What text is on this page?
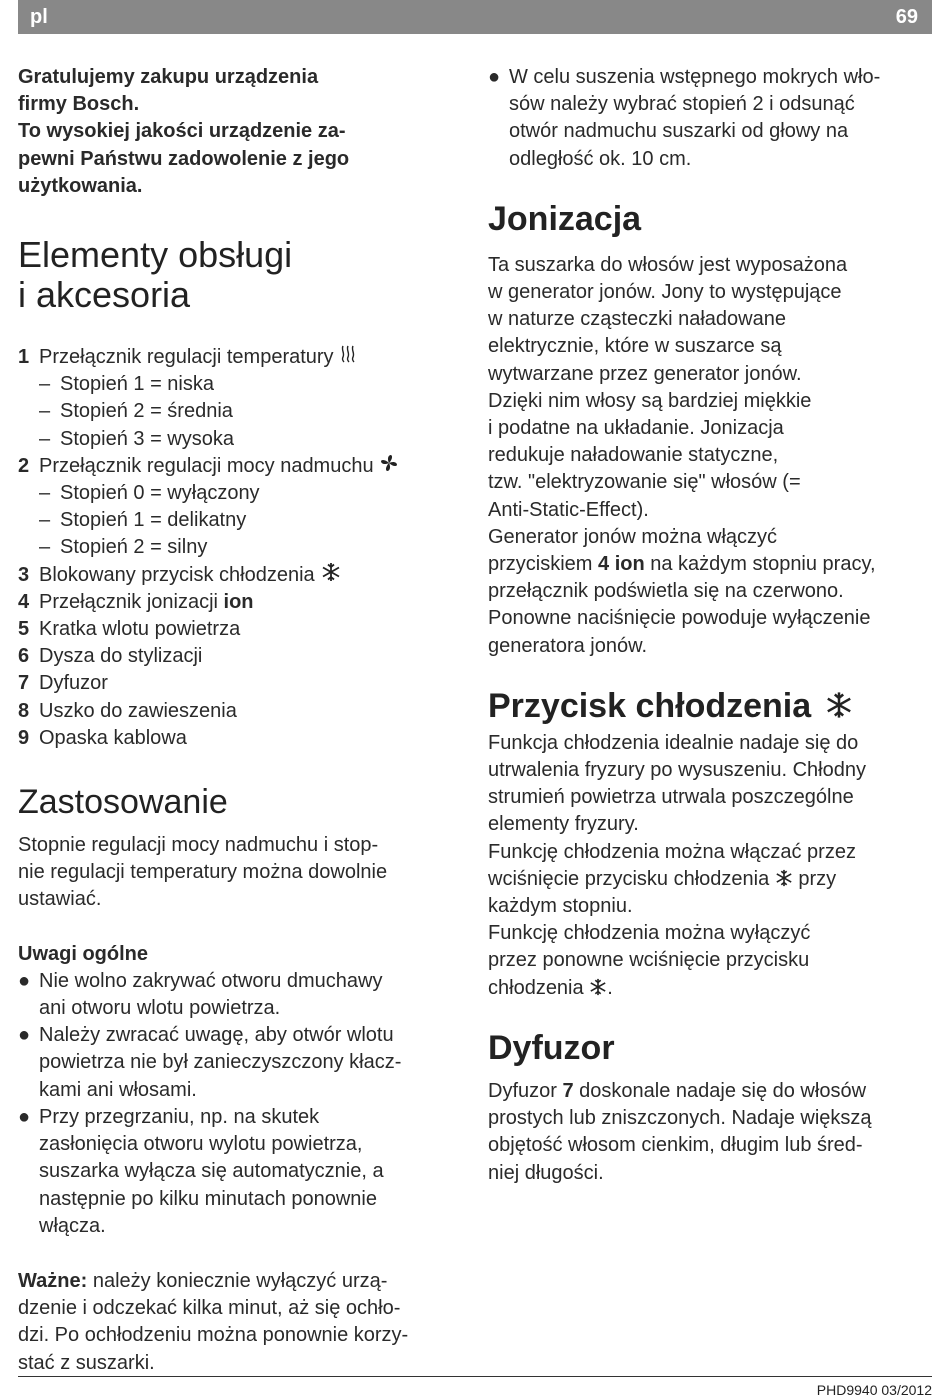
pl	69

Gratulujemy zakupu urządzenia

firmy Bosch.

To wysokiej jakości urządzenie za-

pewni Państwu zadowolenie z jego

użytkowania.

Elementy obsługi
i akcesoria
1 Przełącznik regulacji temperatury
– Stopień 1 = niska
– Stopień 2 = średnia
– Stopień 3 = wysoka
2 Przełącznik regulacji mocy nadmuchu
– Stopień 0 = wyłączony
– Stopień 1 = delikatny
– Stopień 2 = silny
3 Blokowany przycisk chłodzenia
4 Przełącznik jonizacji ion
5 Kratka wlotu powietrza
6 Dysza do stylizacji
7 Dyfuzor
8 Uszko do zawieszenia
9 Opaska kablowa
Zastosowanie

Stopnie regulacji mocy nadmuchu i stop-

nie regulacji temperatury można dowolnie

ustawiać.

Uwagi ogólne
● Nie wolno zakrywać otworu dmuchawy
ani otworu wlotu powietrza.
● Należy zwracać uwagę, aby otwór wlotu
powietrza nie był zanieczyszczony kłacz-
kami ani włosami.
● Przy przegrzaniu, np. na skutek
zasłonięcia otworu wylotu powietrza,
suszarka wyłącza się automatycznie, a
następnie po kilku minutach ponownie
włącza.

Ważne: należy koniecznie wyłączyć urzą-

dzenie i odczekać kilka minut, aż się ochło-

dzi. Po ochłodzeniu można ponownie korzy-

stać z suszarki.

● W celu suszenia wstępnego mokrych wło-
sów należy wybrać stopień 2 i odsunąć
otwór nadmuchu suszarki od głowy na
odległość ok. 10 cm.
Jonizacja

Ta suszarka do włosów jest wyposażona

w generator jonów. Jony to występujące

w naturze cząsteczki naładowane

elektrycznie, które w suszarce są

wytwarzane przez generator jonów.

Dzięki nim włosy są bardziej miękkie

i podatne na układanie. Jonizacja

redukuje naładowanie statyczne,

tzw. "elektryzowanie się" włosów (=

Anti-Static-Effect).

Generator jonów można włączyć

przyciskiem 4 ion na każdym stopniu pracy,

przełącznik podświetla się na czerwono.

Ponowne naciśnięcie powoduje wyłączenie

generatora jonów.

Przycisk chłodzenia

Funkcja chłodzenia idealnie nadaje się do

utrwalenia fryzury po wysuszeniu. Chłodny

strumień powietrza utrwala poszczególne

elementy fryzury.

Funkcję chłodzenia można włączać przez

wciśnięcie przycisku chłodzenia  przy

każdym stopniu.

Funkcję chłodzenia można wyłączyć

przez ponowne wciśnięcie przycisku

chłodzenia .

Dyfuzor

Dyfuzor 7 doskonale nadaje się do włosów

prostych lub zniszczonych. Nadaje większą

objętość włosom cienkim, długim lub śred-

niej długości.

PHD9940 03/2012
